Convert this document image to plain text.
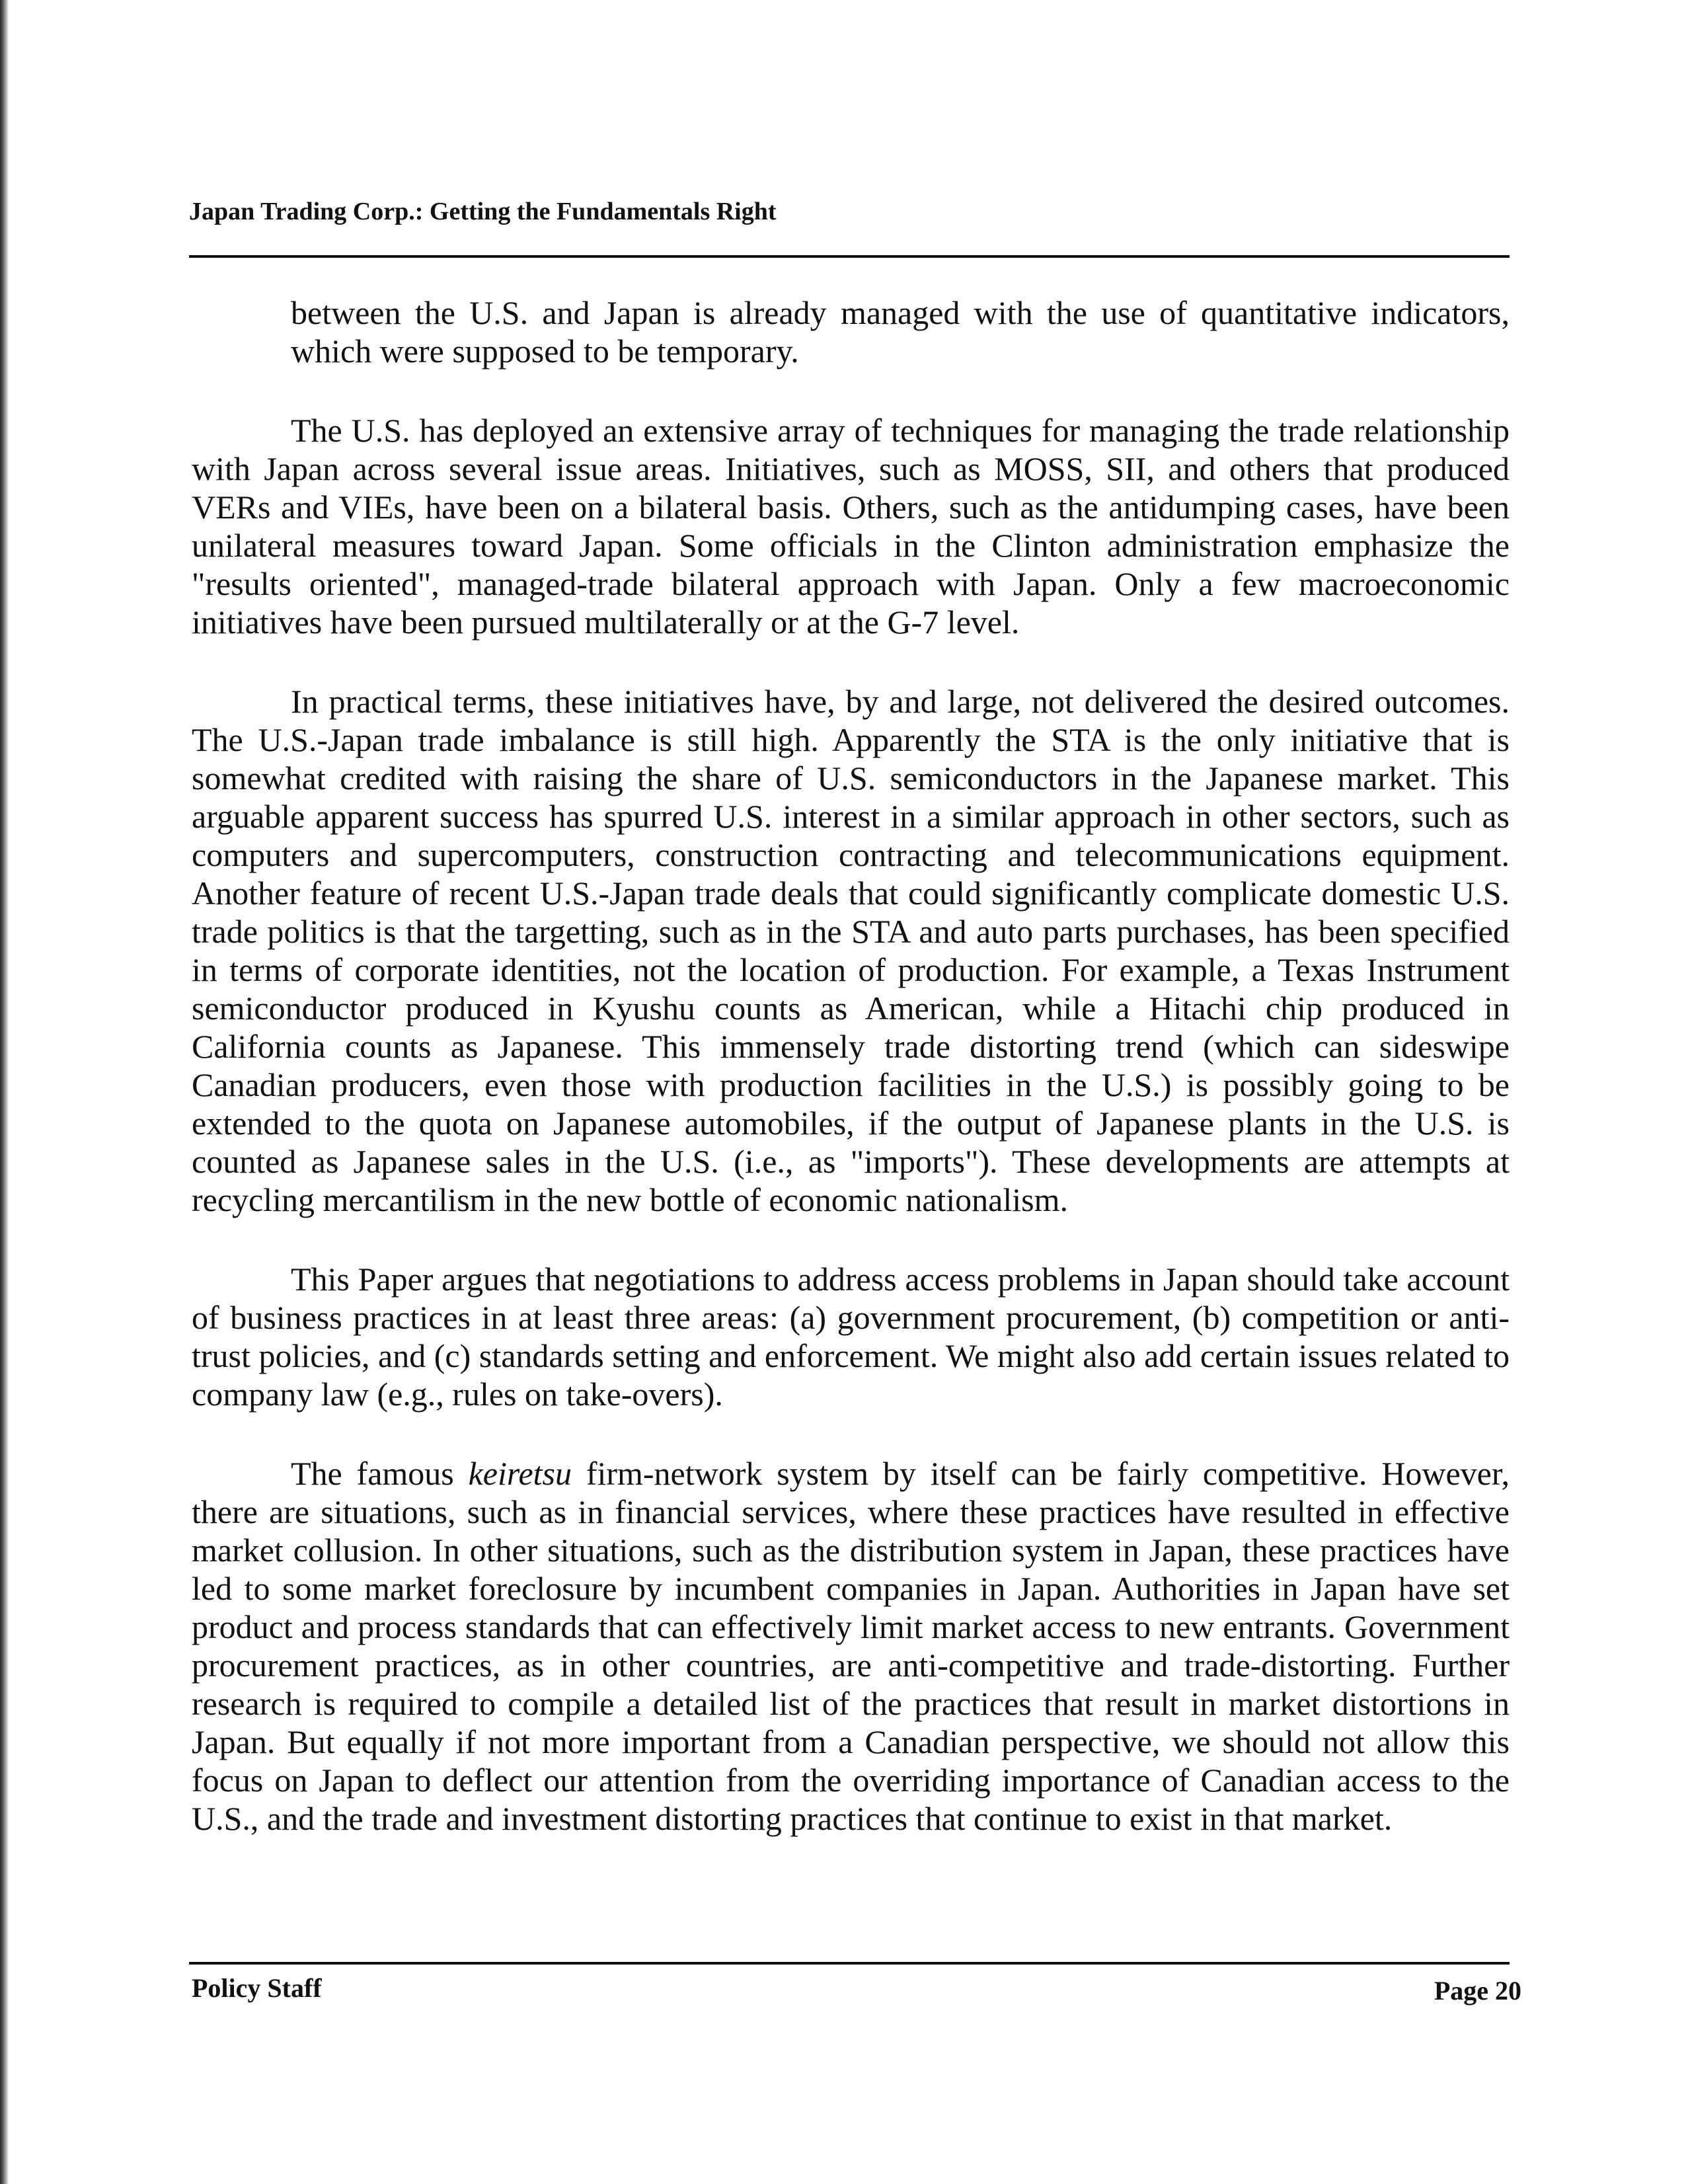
Japan Trading Corp.: Getting the Fundamentals Right

between the U.S. and Japan is already managed with the use of quantitative indicators, which were supposed to be temporary.

The U.S. has deployed an extensive array of techniques for managing the trade relationship with Japan across several issue areas. Initiatives, such as MOSS, SII, and others that produced VERs and VIEs, have been on a bilateral basis. Others, such as the antidumping cases, have been unilateral measures toward Japan. Some officials in the Clinton administration emphasize the "results oriented", managed-trade bilateral approach with Japan. Only a few macroeconomic initiatives have been pursued multilaterally or at the G-7 level.

In practical terms, these initiatives have, by and large, not delivered the desired outcomes. The U.S.-Japan trade imbalance is still high. Apparently the STA is the only initiative that is somewhat credited with raising the share of U.S. semiconductors in the Japanese market. This arguable apparent success has spurred U.S. interest in a similar approach in other sectors, such as computers and supercomputers, construction contracting and telecommunications equipment. Another feature of recent U.S.-Japan trade deals that could significantly complicate domestic U.S. trade politics is that the targetting, such as in the STA and auto parts purchases, has been specified in terms of corporate identities, not the location of production. For example, a Texas Instrument semiconductor produced in Kyushu counts as American, while a Hitachi chip produced in California counts as Japanese. This immensely trade distorting trend (which can sideswipe Canadian producers, even those with production facilities in the U.S.) is possibly going to be extended to the quota on Japanese automobiles, if the output of Japanese plants in the U.S. is counted as Japanese sales in the U.S. (i.e., as "imports"). These developments are attempts at recycling mercantilism in the new bottle of economic nationalism.

This Paper argues that negotiations to address access problems in Japan should take account of business practices in at least three areas: (a) government procurement, (b) competition or anti-trust policies, and (c) standards setting and enforcement. We might also add certain issues related to company law (e.g., rules on take-overs).

The famous keiretsu firm-network system by itself can be fairly competitive. However, there are situations, such as in financial services, where these practices have resulted in effective market collusion. In other situations, such as the distribution system in Japan, these practices have led to some market foreclosure by incumbent companies in Japan. Authorities in Japan have set product and process standards that can effectively limit market access to new entrants. Government procurement practices, as in other countries, are anti-competitive and trade-distorting. Further research is required to compile a detailed list of the practices that result in market distortions in Japan. But equally if not more important from a Canadian perspective, we should not allow this focus on Japan to deflect our attention from the overriding importance of Canadian access to the U.S., and the trade and investment distorting practices that continue to exist in that market.

Policy Staff	Page 20
